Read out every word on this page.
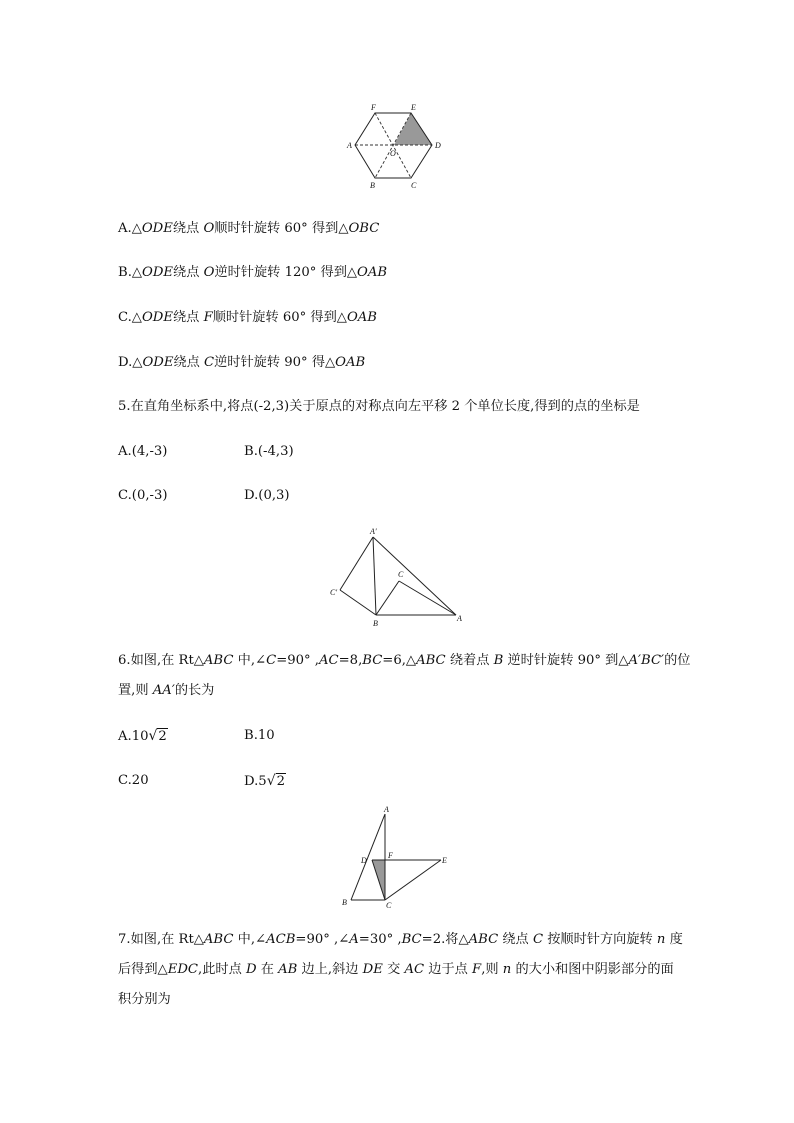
F	E
A	D
O
B	C
A.△ODE绕点 O顺时针旋转 60° 得到△OBC
B.△ODE绕点 O逆时针旋转 120° 得到△OAB
C.△ODE绕点 F顺时针旋转 60° 得到△OAB
D.△ODE绕点 C逆时针旋转 90° 得△OAB
5.在直角坐标系中,将点(-2,3)关于原点的对称点向左平移 2 个单位长度,得到的点的坐标是
A.(4,-3)	B.(-4,3)
C.(0,-3)	D.(0,3)
A′
C
C′
B
A
6.如图,在 Rt△ABC 中,∠C=90° ,AC=8,BC=6,△ABC 绕着点 B 逆时针旋转 90° 到△A′BC′的位
置,则 AA′的长为
A.10√2	B.10
C.20	D.5√2
A
D
F
E
B	C
7.如图,在 Rt△ABC 中,∠ACB=90° ,∠A=30° ,BC=2.将△ABC 绕点 C 按顺时针方向旋转 n 度
后得到△EDC,此时点 D 在 AB 边上,斜边 DE 交 AC 边于点 F,则 n 的大小和图中阴影部分的面
积分别为
